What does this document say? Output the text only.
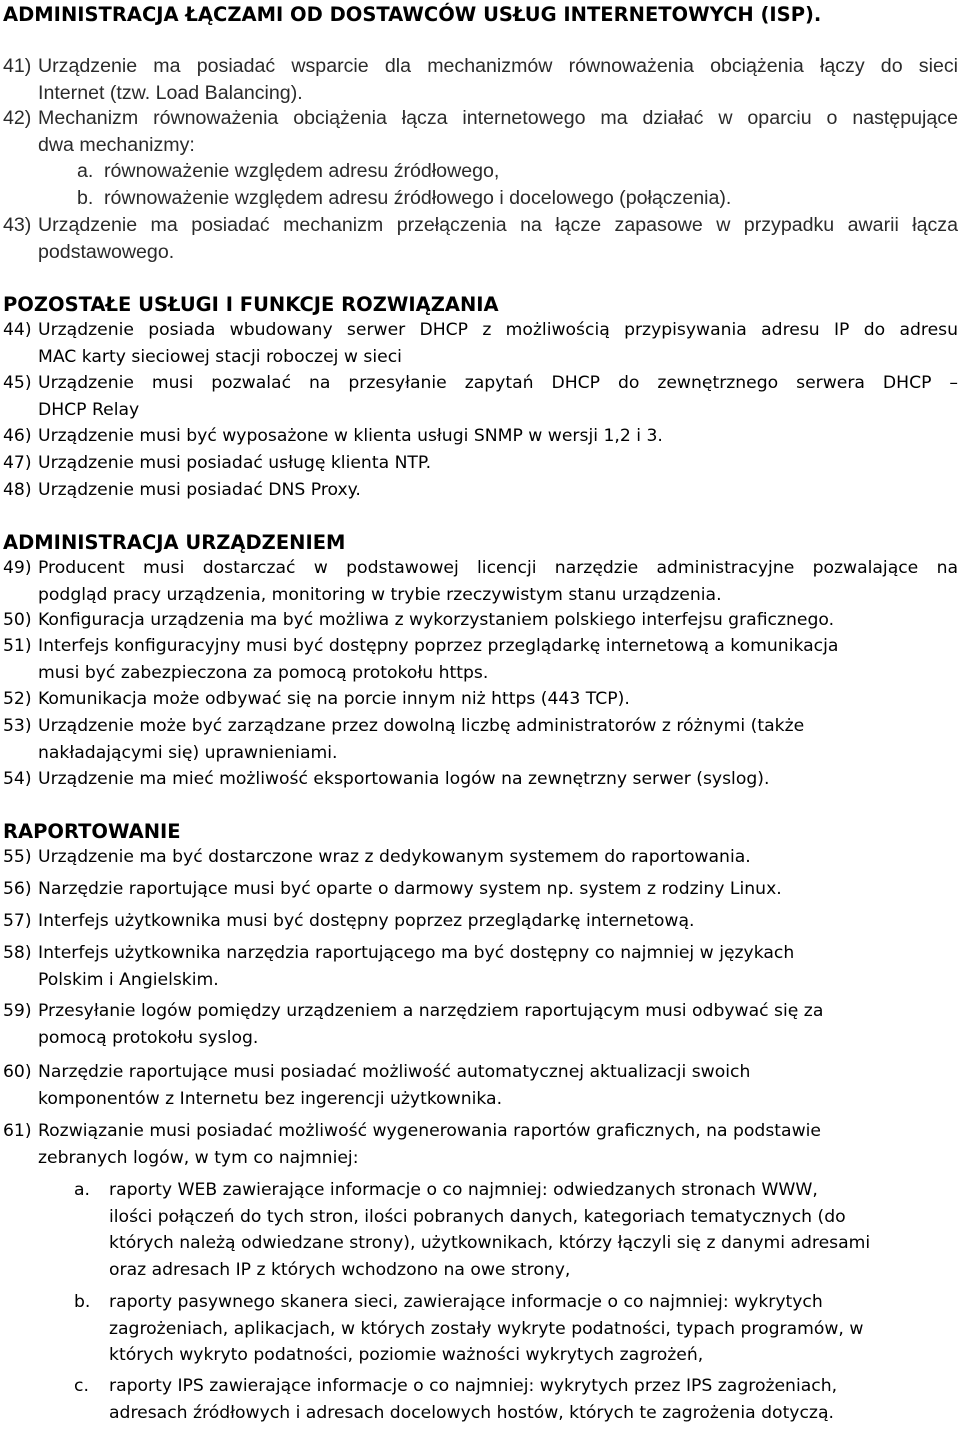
ADMINISTRACJA ŁĄCZAMI OD DOSTAWCÓW USŁUG INTERNETOWYCH (ISP).
41) Urządzenie ma posiadać wsparcie dla mechanizmów równoważenia obciążenia łączy do sieci
Internet (tzw. Load Balancing).
42) Mechanizm równoważenia obciążenia łącza internetowego ma działać w oparciu o następujące
dwa mechanizmy:
a. równoważenie względem adresu źródłowego,
b. równoważenie względem adresu źródłowego i docelowego (połączenia).
43) Urządzenie ma posiadać mechanizm przełączenia na łącze zapasowe w przypadku awarii łącza
podstawowego.
POZOSTAŁE USŁUGI I FUNKCJE ROZWIĄZANIA
44) Urządzenie posiada wbudowany serwer DHCP z możliwością przypisywania adresu IP do adresu
MAC karty sieciowej stacji roboczej w sieci
45) Urządzenie musi pozwalać na przesyłanie zapytań DHCP do zewnętrznego serwera DHCP –
DHCP Relay
46) Urządzenie musi być wyposażone w klienta usługi SNMP w wersji 1,2 i 3.
47) Urządzenie musi posiadać usługę klienta NTP.
48) Urządzenie musi posiadać DNS Proxy.
ADMINISTRACJA URZĄDZENIEM
49) Producent musi dostarczać w podstawowej licencji narzędzie administracyjne pozwalające na
podgląd pracy urządzenia, monitoring w trybie rzeczywistym stanu urządzenia.
50) Konfiguracja urządzenia ma być możliwa z wykorzystaniem polskiego interfejsu graficznego.
51) Interfejs konfiguracyjny musi być dostępny poprzez przeglądarkę internetową a komunikacja
musi być zabezpieczona za pomocą protokołu https.
52) Komunikacja może odbywać się na porcie innym niż https (443 TCP).
53) Urządzenie może być zarządzane przez dowolną liczbę administratorów z różnymi (także
nakładającymi się) uprawnieniami.
54) Urządzenie ma mieć możliwość eksportowania logów na zewnętrzny serwer (syslog).
RAPORTOWANIE
55) Urządzenie ma być dostarczone wraz z dedykowanym systemem do raportowania.
56) Narzędzie raportujące musi być oparte o darmowy system np. system z rodziny Linux.
57) Interfejs użytkownika musi być dostępny poprzez przeglądarkę internetową.
58) Interfejs użytkownika narzędzia raportującego ma być dostępny co najmniej w językach
Polskim i Angielskim.
59) Przesyłanie logów pomiędzy urządzeniem a narzędziem raportującym musi odbywać się za
pomocą protokołu syslog.
60) Narzędzie raportujące musi posiadać możliwość automatycznej aktualizacji swoich
komponentów z Internetu bez ingerencji użytkownika.
61) Rozwiązanie musi posiadać możliwość wygenerowania raportów graficznych, na podstawie
zebranych logów, w tym co najmniej:
a. raporty WEB zawierające informacje o co najmniej: odwiedzanych stronach WWW,
ilości połączeń do tych stron, ilości pobranych danych, kategoriach tematycznych (do
których należą odwiedzane strony), użytkownikach, którzy łączyli się z danymi adresami
oraz adresach IP z których wchodzono na owe strony,
b. raporty pasywnego skanera sieci, zawierające informacje o co najmniej: wykrytych
zagrożeniach, aplikacjach, w których zostały wykryte podatności, typach programów, w
których wykryto podatności, poziomie ważności wykrytych zagrożeń,
c. raporty IPS zawierające informacje o co najmniej: wykrytych przez IPS zagrożeniach,
adresach źródłowych i adresach docelowych hostów, których te zagrożenia dotyczą.
